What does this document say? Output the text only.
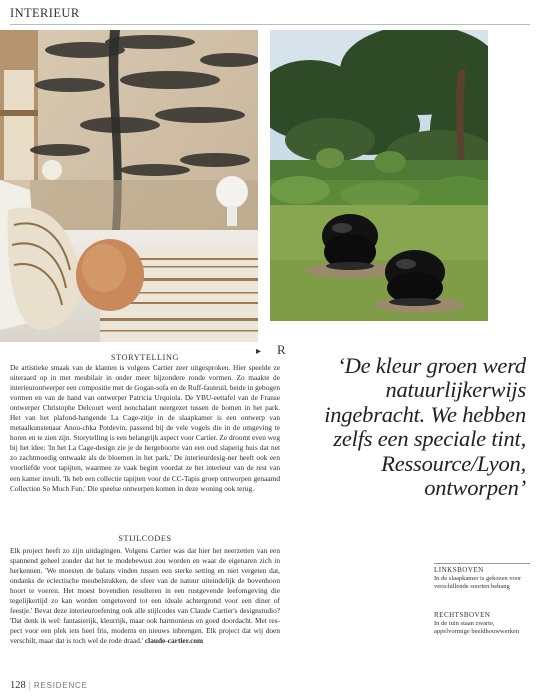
INTERIEUR
▸ R
STORYTELLING
De artistieke smaak van de klanten is volgens Cartier zeer uitgesproken. Hier speelde ze uiteraard op in met meubilair in onder meer bijzondere ronde vormen. Zo maakte de interieurontwerper een compositie met de Gogan-sofa en de Ruff-fauteuil, beide in gebogen vormen en van de hand van ontwerper Patricia Urquiola. De YBU-eettafel van de Franse ontwerper Christophe Delcourt werd nonchalant neergezet tussen de bomen in het park. Het van het plafond-hangende La Cage-zitje in de slaapkamer is een ontwerp van metaalkunstenaar Anou-chka Potdevin, passend bij de vele vogels die in de omgeving te horen en te zien zijn. Storytelling is een belangrijk aspect voor Cartier. Ze droomt even weg bij het idee: 'In het La Cage-design zie je de hergeboorte van een oud slaperig huis dat net zo zachtmoedig ontwaakt als de bloemen in het park.' De interieurdesig-ner heeft ook een voorliefde voor tapijten, waarmee ze vaak begint voordat ze het interieur van de rest van een kamer invult. 'Ik heb een collectie tapijten voor de CC-Tapis groep ontworpen genaamd Collection So Much Fun.' Die speelse ontwerpen komen in deze woning ook terug.
STIJLCODES
Elk project heeft zo zijn uitdagingen. Volgens Cartier was dat hier het neerzetten van een spannend geheel zonder dat het te modebewust zou worden en waar de eigenaren zich in herkennen. 'We moesten de balans vinden tussen een sterke setting en niet vergeten dat, ondanks de eclectische meubelstukken, de sfeer van de natuur uiteindelijk de bovenhoon hoort te voeren. Het moest bovendien resulteren in een rustgevende leefomgeving die tegelijkertijd zo kan worden omgetoverd tot een ideale achtergrond voor een diner of feestje.' Bevat deze interieuroefening ook alle stijlcodes van Claude Cartier's designstudio? 'Dat denk ik wel: fantasierijk, kleurrijk, maar ook harmonieus en goed doordacht. Met res-pect voor een plek iets heel fris, moderns en nieuws inbrengen. Elk project dat wij doen verschilt, maar dat is toch wel de rode draad.' claude-cartier.com
‘De kleur groen werd natuurlijkerwijs ingebracht. We hebben zelfs een speciale tint, Ressource/Lyon, ontworpen’
LINKSBOVEN
In de slaapkamer is gekozen voor verschillende soorten behang
RECHTSBOVEN
In de tuin staan zwarte, appelvormige beeldhouwwerken
128 | RESIDENCE
